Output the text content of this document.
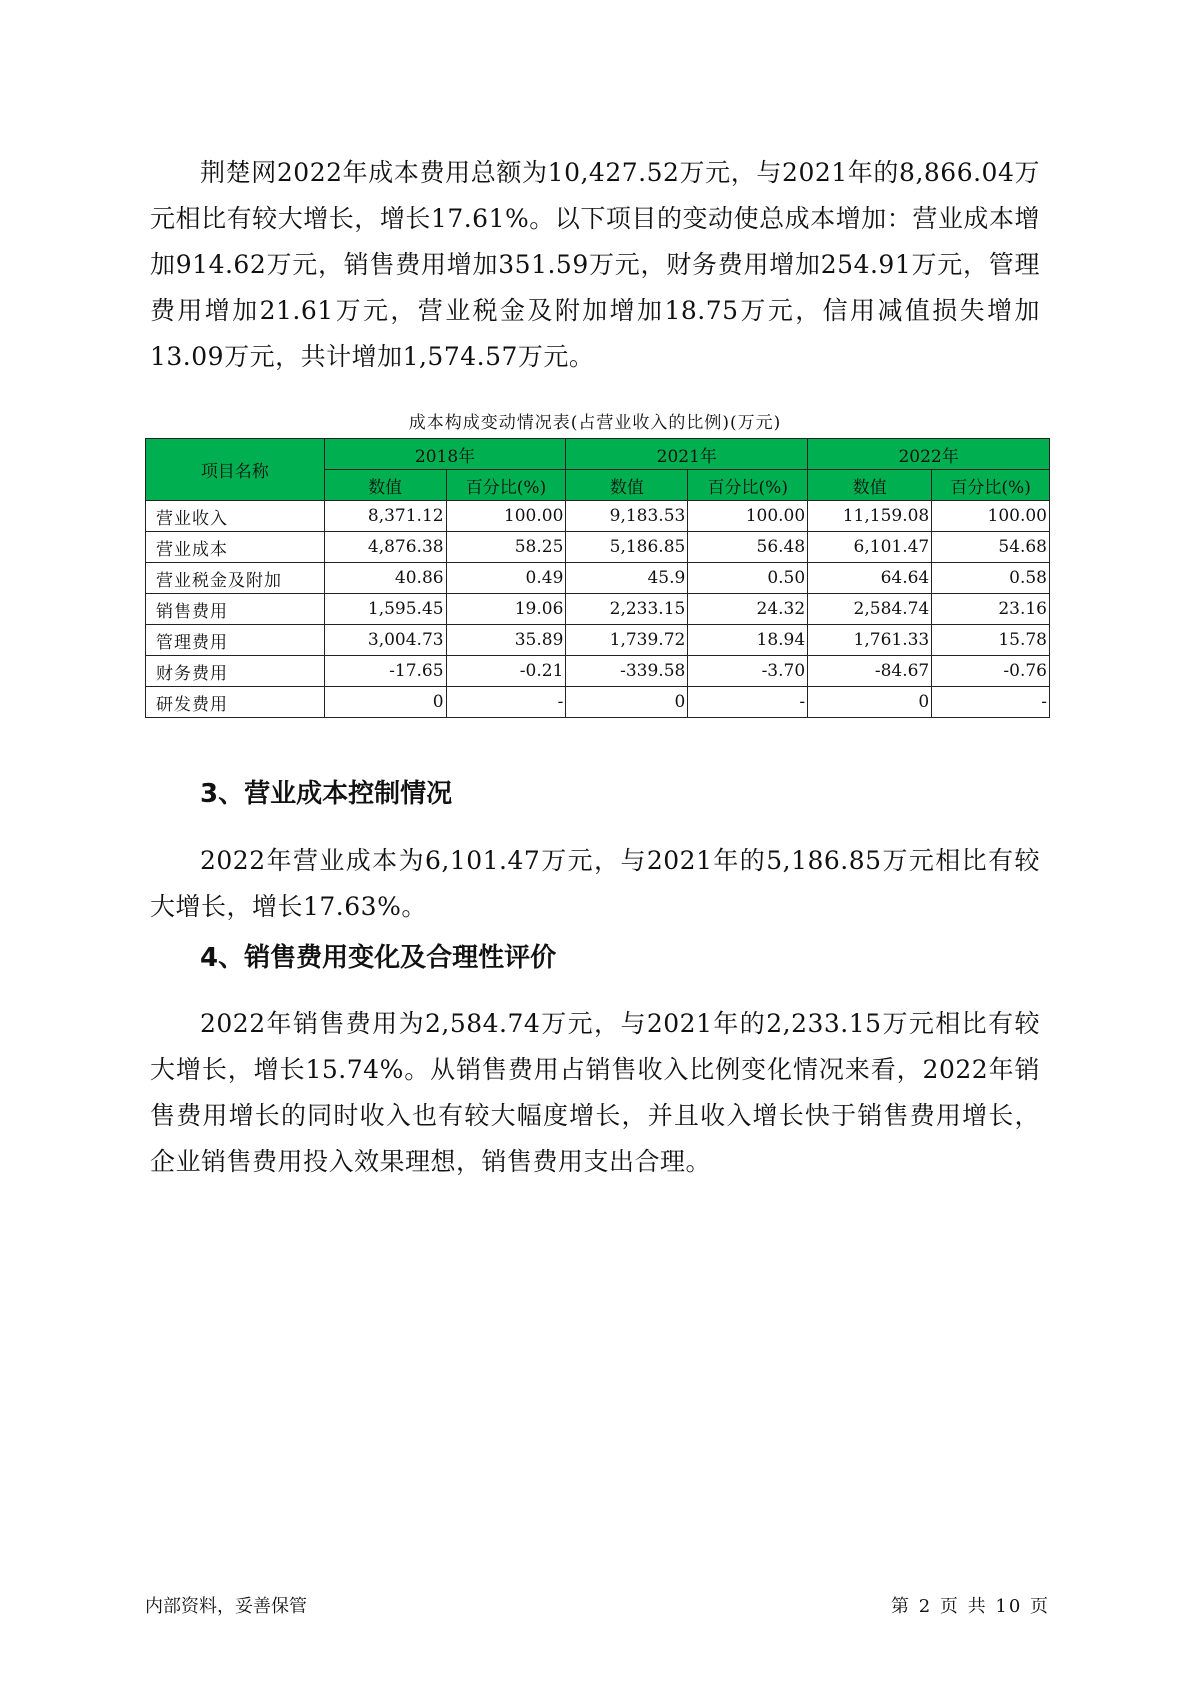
荆楚网2022年成本费用总额为10,427.52万元，与2021年的8,866.04万元相比有较大增长，增长17.61%。以下项目的变动使总成本增加：营业成本增加914.62万元，销售费用增加351.59万元，财务费用增加254.91万元，管理费用增加21.61万元，营业税金及附加增加18.75万元，信用减值损失增加13.09万元，共计增加1,574.57万元。

成本构成变动情况表(占营业收入的比例)(万元)
项目名称	2018年		2021年		2022年	
	数值	百分比(%)	数值	百分比(%)	数值	百分比(%)
营业收入	8,371.12	100.00	9,183.53	100.00	11,159.08	100.00
营业成本	4,876.38	58.25	5,186.85	56.48	6,101.47	54.68
营业税金及附加	40.86	0.49	45.9	0.50	64.64	0.58
销售费用	1,595.45	19.06	2,233.15	24.32	2,584.74	23.16
管理费用	3,004.73	35.89	1,739.72	18.94	1,761.33	15.78
财务费用	-17.65	-0.21	-339.58	-3.70	-84.67	-0.76
研发费用	0	-	0	-	0	-
3、营业成本控制情况

2022年营业成本为6,101.47万元，与2021年的5,186.85万元相比有较大增长，增长17.63%。

4、销售费用变化及合理性评价

2022年销售费用为2,584.74万元，与2021年的2,233.15万元相比有较大增长，增长15.74%。从销售费用占销售收入比例变化情况来看，2022年销售费用增长的同时收入也有较大幅度增长，并且收入增长快于销售费用增长，企业销售费用投入效果理想，销售费用支出合理。

内部资料，妥善保管	第 2 页 共 10 页
